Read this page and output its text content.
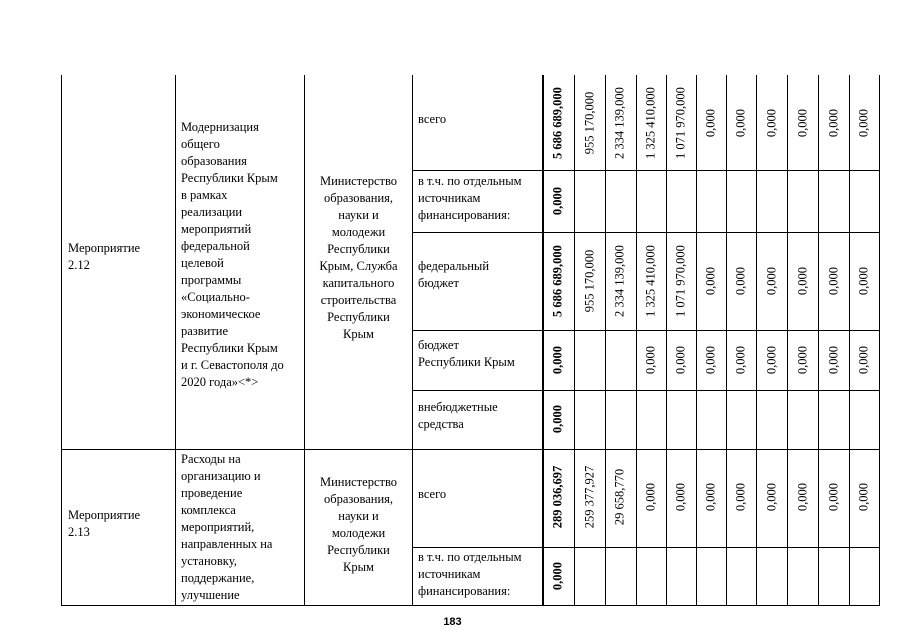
Мероприятие
2.12
Модернизация
общего
образования
Республики Крым
в рамках
реализации
мероприятий
федеральной
целевой
программы
«Социально-
экономическое
развитие
Республики Крым
и г. Севастополя до
2020 года»<*>
Министерство
образования,
науки и
молодежи
Республики
Крым, Служба
капитального
строительства
Республики
Крым
всего
в т.ч. по отдельным
источникам
финансирования:
федеральный
бюджет
бюджет
Республики Крым
внебюджетные
средства
Мероприятие
2.13
Расходы на
организацию и
проведение
комплекса
мероприятий,
направленных на
установку,
поддержание,
улучшение
Министерство
образования,
науки и
молодежи
Республики
Крым
всего
в т.ч. по отдельным
источникам
финансирования:
5 686 689,000 955 170,000 2 334 139,000 1 325 410,000 1 071 970,000 0,000 0,000 0,000 0,000 0,000 0,000
0,000
5 686 689,000 955 170,000 2 334 139,000 1 325 410,000 1 071 970,000 0,000 0,000 0,000 0,000 0,000 0,000
0,000	0,000 0,000 0,000 0,000 0,000 0,000 0,000 0,000
0,000
289 036,697 259 377,927 29 658,770 0,000 0,000 0,000 0,000 0,000 0,000 0,000 0,000
0,000
183
